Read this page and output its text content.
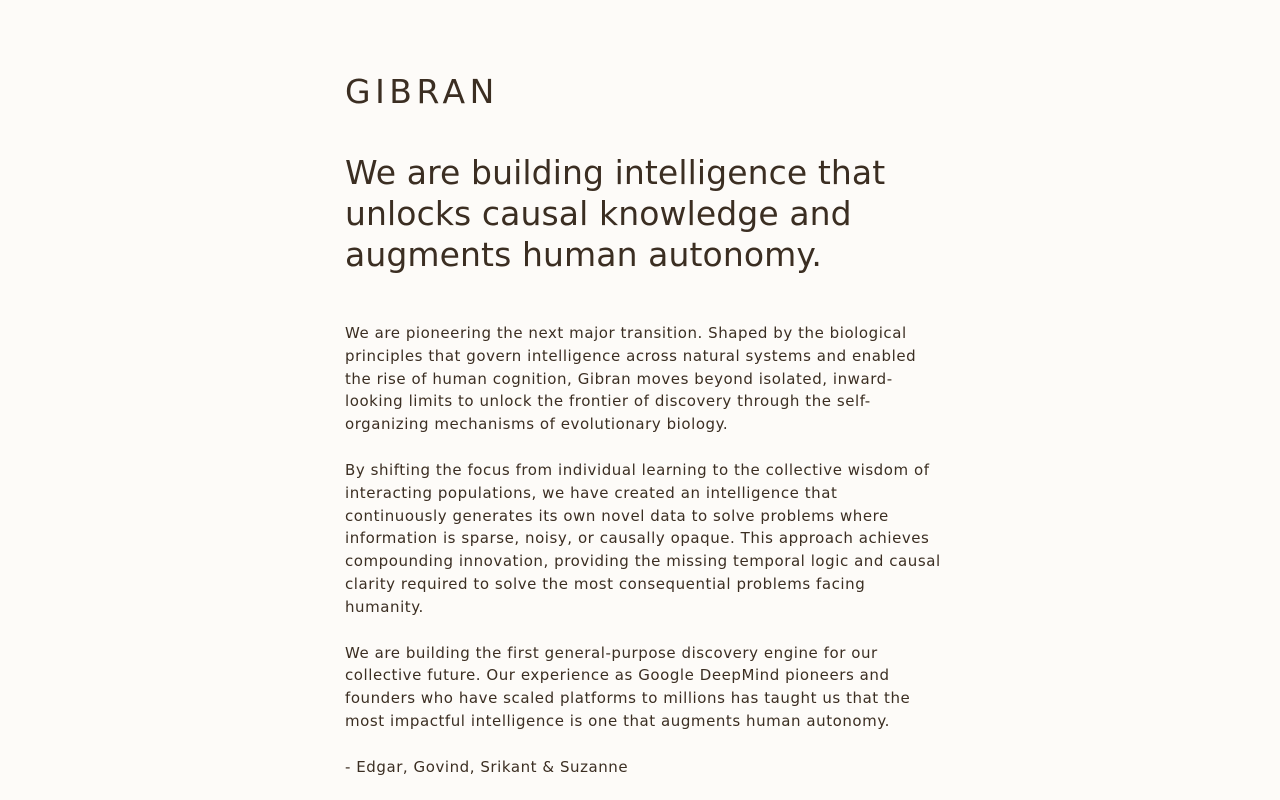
GIBRAN
We are building intelligence that
unlocks causal knowledge and
augments human autonomy.

We are pioneering the next major transition. Shaped by the biological
principles that govern intelligence across natural systems and enabled
the rise of human cognition, Gibran moves beyond isolated, inward-
looking limits to unlock the frontier of discovery through the self-
organizing mechanisms of evolutionary biology.

By shifting the focus from individual learning to the collective wisdom of
interacting populations, we have created an intelligence that
continuously generates its own novel data to solve problems where
information is sparse, noisy, or causally opaque. This approach achieves
compounding innovation, providing the missing temporal logic and causal
clarity required to solve the most consequential problems facing
humanity.

We are building the first general-purpose discovery engine for our
collective future. Our experience as Google DeepMind pioneers and
founders who have scaled platforms to millions has taught us that the
most impactful intelligence is one that augments human autonomy.

- Edgar, Govind, Srikant & Suzanne
